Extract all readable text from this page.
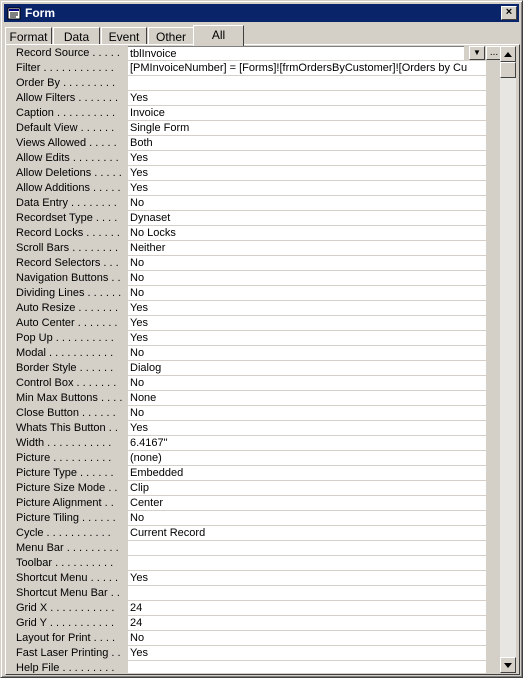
Form	×
Format	Data	Event	Other	All
Record Source . . . . . tblInvoice	▼ ...
Filter . . . . . . . . . . . .	[PMInvoiceNumber] = [Forms]![frmOrdersByCustomer]![Orders by Cu
Order By . . . . . . . . .
Allow Filters . . . . . . .	Yes
Caption . . . . . . . . . .	Invoice
Default View . . . . . .	Single Form
Views Allowed . . . . .	Both
Allow Edits . . . . . . . .	Yes
Allow Deletions . . . . . Yes
Allow Additions . . . . . Yes
Data Entry . . . . . . . .	No
Recordset Type . . . .	Dynaset
Record Locks . . . . . . No Locks
Scroll Bars . . . . . . . .	Neither
Record Selectors . . .	No
Navigation Buttons . . No
Dividing Lines . . . . . . No
Auto Resize . . . . . . .	Yes
Auto Center . . . . . . .	Yes
Pop Up . . . . . . . . . .	Yes
Modal . . . . . . . . . . .	No
Border Style . . . . . .	Dialog
Control Box . . . . . . .	No
Min Max Buttons . . . . None
Close Button . . . . . .	No
Whats This Button . .	Yes
Width . . . . . . . . . . .	6.4167"
Picture . . . . . . . . . .	(none)
Picture Type . . . . . .	Embedded
Picture Size Mode . .	Clip
Picture Alignment . .	Center
Picture Tiling . . . . . .	No
Cycle . . . . . . . . . . .	Current Record
Menu Bar . . . . . . . . .
Toolbar . . . . . . . . . .
Shortcut Menu . . . . .	Yes
Shortcut Menu Bar . .
Grid X . . . . . . . . . . .	24
Grid Y . . . . . . . . . . .	24
Layout for Print . . . .	No
Fast Laser Printing . . Yes
Help File . . . . . . . . .
